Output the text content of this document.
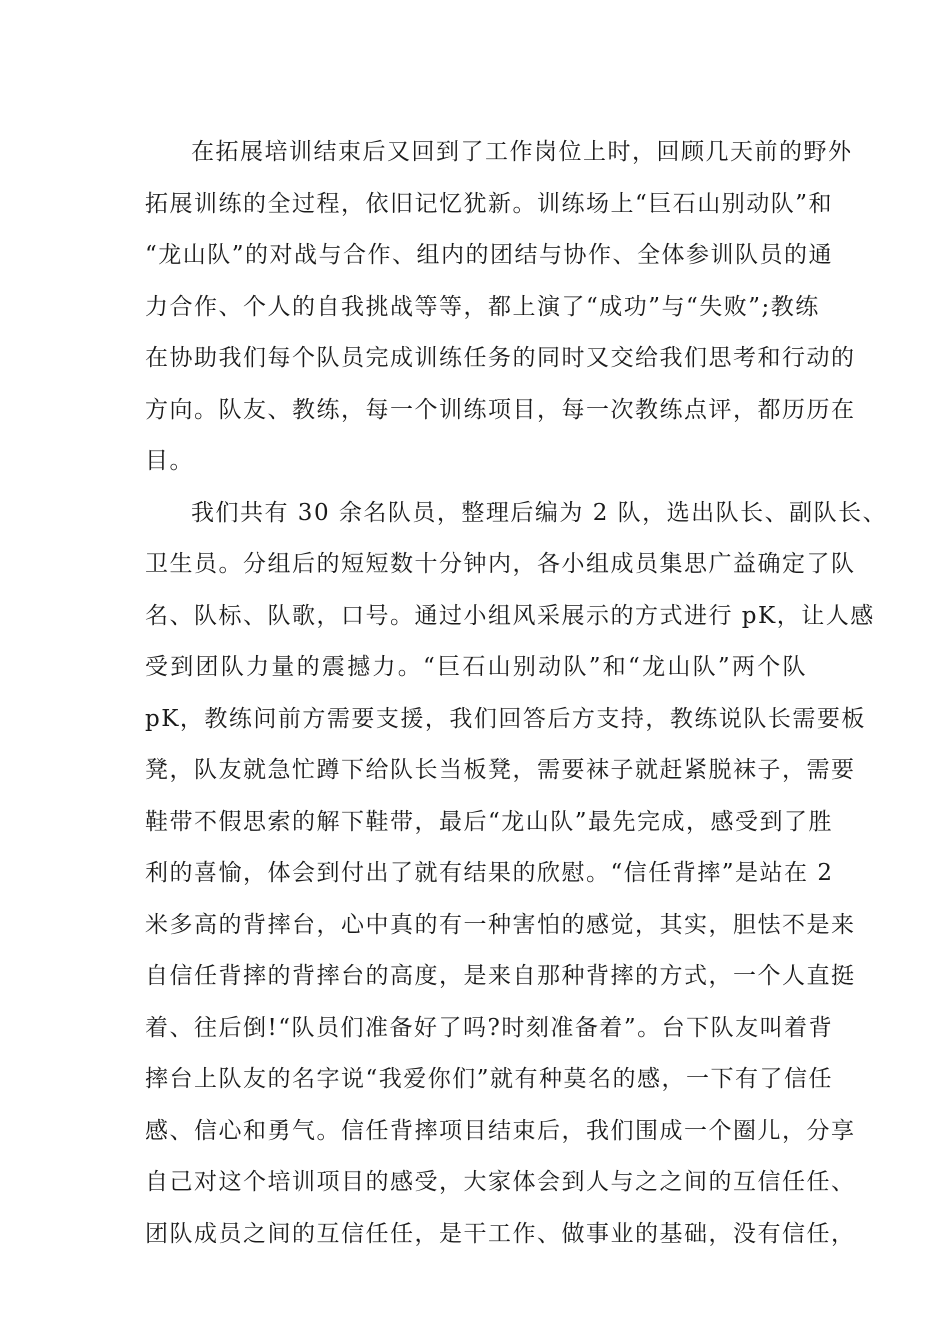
在拓展培训结束后又回到了工作岗位上时，回顾几天前的野外
拓展训练的全过程，依旧记忆犹新。训练场上“巨石山别动队”和
“龙山队”的对战与合作、组内的团结与协作、全体参训队员的通
力合作、个人的自我挑战等等，都上演了“成功”与“失败”;教练
在协助我们每个队员完成训练任务的同时又交给我们思考和行动的
方向。队友、教练，每一个训练项目，每一次教练点评，都历历在
目。
我们共有 30 余名队员，整理后编为 2 队，选出队长、副队长、
卫生员。分组后的短短数十分钟内，各小组成员集思广益确定了队
名、队标、队歌，口号。通过小组风采展示的方式进行 pK，让人感
受到团队力量的震撼力。“巨石山别动队”和“龙山队”两个队
pK，教练问前方需要支援，我们回答后方支持，教练说队长需要板
凳，队友就急忙蹲下给队长当板凳，需要袜子就赶紧脱袜子，需要
鞋带不假思索的解下鞋带，最后“龙山队”最先完成，感受到了胜
利的喜愉，体会到付出了就有结果的欣慰。“信任背摔”是站在 2
米多高的背摔台，心中真的有一种害怕的感觉，其实，胆怯不是来
自信任背摔的背摔台的高度，是来自那种背摔的方式，一个人直挺
着、往后倒!“队员们准备好了吗?时刻准备着”。台下队友叫着背
摔台上队友的名字说“我爱你们”就有种莫名的感，一下有了信任
感、信心和勇气。信任背摔项目结束后，我们围成一个圈儿，分享
自己对这个培训项目的感受，大家体会到人与之之间的互信任任、
团队成员之间的互信任任，是干工作、做事业的基础，没有信任，
